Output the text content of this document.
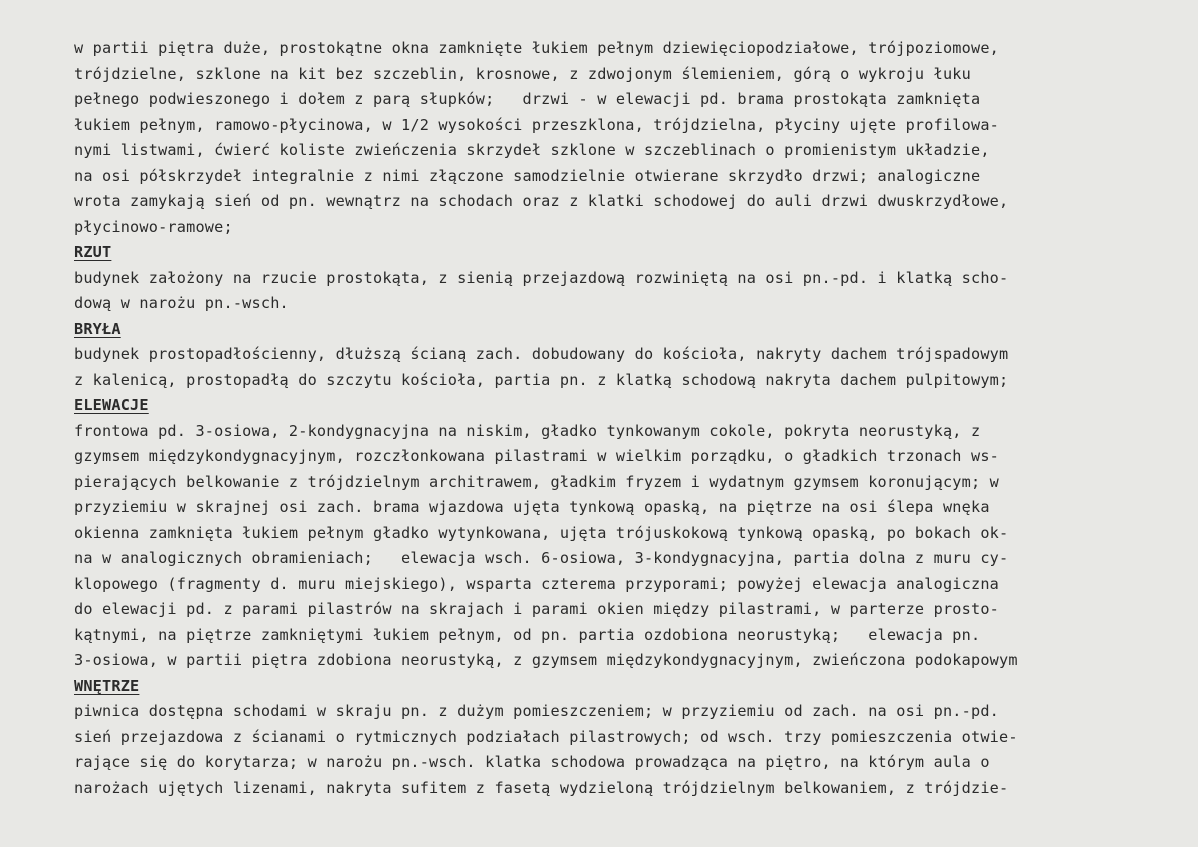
w partii piętra duże, prostokątne okna zamknięte łukiem pełnym dziewięciopodziałowe, trójpoziomowe,
trójdzielne, szklone na kit bez szczeblin, krosnowe, z zdwojonym ślemieniem, górą o wykroju łuku
pełnego podwieszonego i dołem z parą słupków;   drzwi - w elewacji pd. brama prostokąta zamknięta
łukiem pełnym, ramowo-płycinowa, w 1/2 wysokości przeszklona, trójdzielna, płyciny ujęte profilowa-
nymi listwami, ćwierć koliste zwieńczenia skrzydeł szklone w szczeblinach o promienistym układzie,
na osi półskrzydeł integralnie z nimi złączone samodzielnie otwierane skrzydło drzwi; analogiczne
wrota zamykają sień od pn. wewnątrz na schodach oraz z klatki schodowej do auli drzwi dwuskrzydłowe,
płycinowo-ramowe;
RZUT
budynek założony na rzucie prostokąta, z sienią przejazdową rozwiniętą na osi pn.-pd. i klatką scho-
dową w narożu pn.-wsch.
BRYŁA
budynek prostopadłościenny, dłuższą ścianą zach. dobudowany do kościoła, nakryty dachem trójspadowym
z kalenicą, prostopadłą do szczytu kościoła, partia pn. z klatką schodową nakryta dachem pulpitowym;
ELEWACJE
frontowa pd. 3-osiowa, 2-kondygnacyjna na niskim, gładko tynkowanym cokole, pokryta neorustyką, z
gzymsem międzykondygnacyjnym, rozczłonkowana pilastrami w wielkim porządku, o gładkich trzonach ws-
pierających belkowanie z trójdzielnym architrawem, gładkim fryzem i wydatnym gzymsem koronującym; w
przyziemiu w skrajnej osi zach. brama wjazdowa ujęta tynkową opaską, na piętrze na osi ślepa wnęka
okienna zamknięta łukiem pełnym gładko wytynkowana, ujęta trójuskokową tynkową opaską, po bokach ok-
na w analogicznych obramieniach;   elewacja wsch. 6-osiowa, 3-kondygnacyjna, partia dolna z muru cy-
klopowego (fragmenty d. muru miejskiego), wsparta czterema przyporami; powyżej elewacja analogiczna
do elewacji pd. z parami pilastrów na skrajach i parami okien między pilastrami, w parterze prosto-
kątnymi, na piętrze zamkniętymi łukiem pełnym, od pn. partia ozdobiona neorustyką;   elewacja pn.
3-osiowa, w partii piętra zdobiona neorustyką, z gzymsem międzykondygnacyjnym, zwieńczona podokapowym
WNĘTRZE
piwnica dostępna schodami w skraju pn. z dużym pomieszczeniem; w przyziemiu od zach. na osi pn.-pd.
sień przejazdowa z ścianami o rytmicznych podziałach pilastrowych; od wsch. trzy pomieszczenia otwie-
rające się do korytarza; w narożu pn.-wsch. klatka schodowa prowadząca na piętro, na którym aula o
narożach ujętych lizenami, nakryta sufitem z fasetą wydzieloną trójdzielnym belkowaniem, z trójdzie-
